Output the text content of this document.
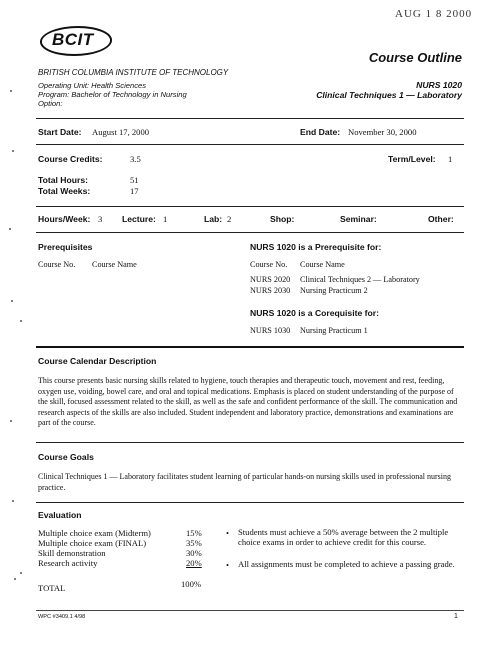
AUG 1 8 2000
BCIT
BRITISH COLUMBIA INSTITUTE OF TECHNOLOGY
Course Outline
Operating Unit: Health Sciences
Program: Bachelor of Technology in Nursing
Option:
NURS 1020
Clinical Techniques 1 — Laboratory
Start Date: August 17, 2000	End Date: November 30, 2000
Course Credits:	3.5	Term/Level: 1
Total Hours:	51
Total Weeks:	17
Hours/Week: 3 Lecture: 1	Lab: 2	Shop:	Seminar:	Other:
Prerequisites
Course No. Course Name
NURS 1020 is a Prerequisite for:
Course No. Course Name
NURS 2020 Clinical Techniques 2 — Laboratory
NURS 2030 Nursing Practicum 2
NURS 1020 is a Corequisite for:
NURS 1030 Nursing Practicum 1
Course Calendar Description
This course presents basic nursing skills related to hygiene, touch therapies and therapeutic touch, movement and rest, feeding, oxygen use, voiding, bowel care, and oral and topical medications. Emphasis is placed on student understanding of the purpose of the skill, focused assessment related to the skill, as well as the safe and confident performance of the skill. The communication and research aspects of the skills are also included. Student independent and laboratory practice, demonstrations and examinations are part of the course.
Course Goals
Clinical Techniques 1 — Laboratory facilitates student learning of particular hands-on nursing skills used in professional nursing practice.
Evaluation
Multiple choice exam (Midterm)	15%
Multiple choice exam (FINAL)	35%
Skill demonstration	30%
Research activity	20%
TOTAL	100%
• Students must achieve a 50% average between the 2 multiple choice exams in order to achieve credit for this course.
• All assignments must be completed to achieve a passing grade.
WPC #3409.1 4/98	1
